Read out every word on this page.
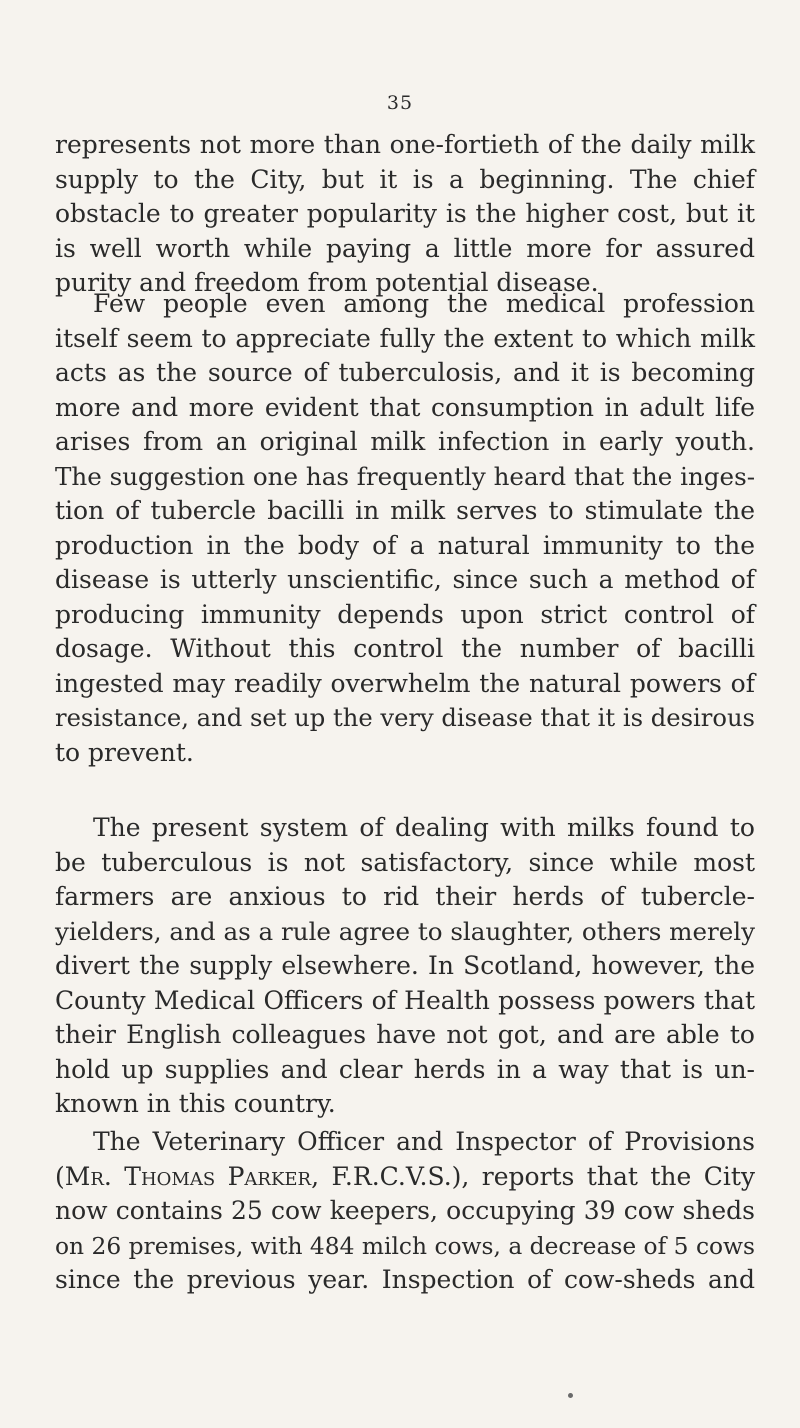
35
represents not more than one-fortieth of the daily milk
supply to the City, but it is a beginning. The chief
obstacle to greater popularity is the higher cost, but it
is well worth while paying a little more for assured
purity and freedom from potential disease.
Few people even among the medical profession
itself seem to appreciate fully the extent to which milk
acts as the source of tuberculosis, and it is becoming
more and more evident that consumption in adult life
arises from an original milk infection in early youth.
The suggestion one has frequently heard that the inges-
tion of tubercle bacilli in milk serves to stimulate the
production in the body of a natural immunity to the
disease is utterly unscientific, since such a method of
producing immunity depends upon strict control of
dosage. Without this control the number of bacilli
ingested may readily overwhelm the natural powers of
resistance, and set up the very disease that it is desirous
to prevent.
The present system of dealing with milks found to
be tuberculous is not satisfactory, since while most
farmers are anxious to rid their herds of tubercle-
yielders, and as a rule agree to slaughter, others merely
divert the supply elsewhere. In Scotland, however, the
County Medical Officers of Health possess powers that
their English colleagues have not got, and are able to
hold up supplies and clear herds in a way that is un-
known in this country.
The Veterinary Officer and Inspector of Provisions
(Mr. Thomas Parker, F.R.C.V.S.), reports that the City
now contains 25 cow keepers, occupying 39 cow sheds
on 26 premises, with 484 milch cows, a decrease of 5 cows
since the previous year. Inspection of cow-sheds and
